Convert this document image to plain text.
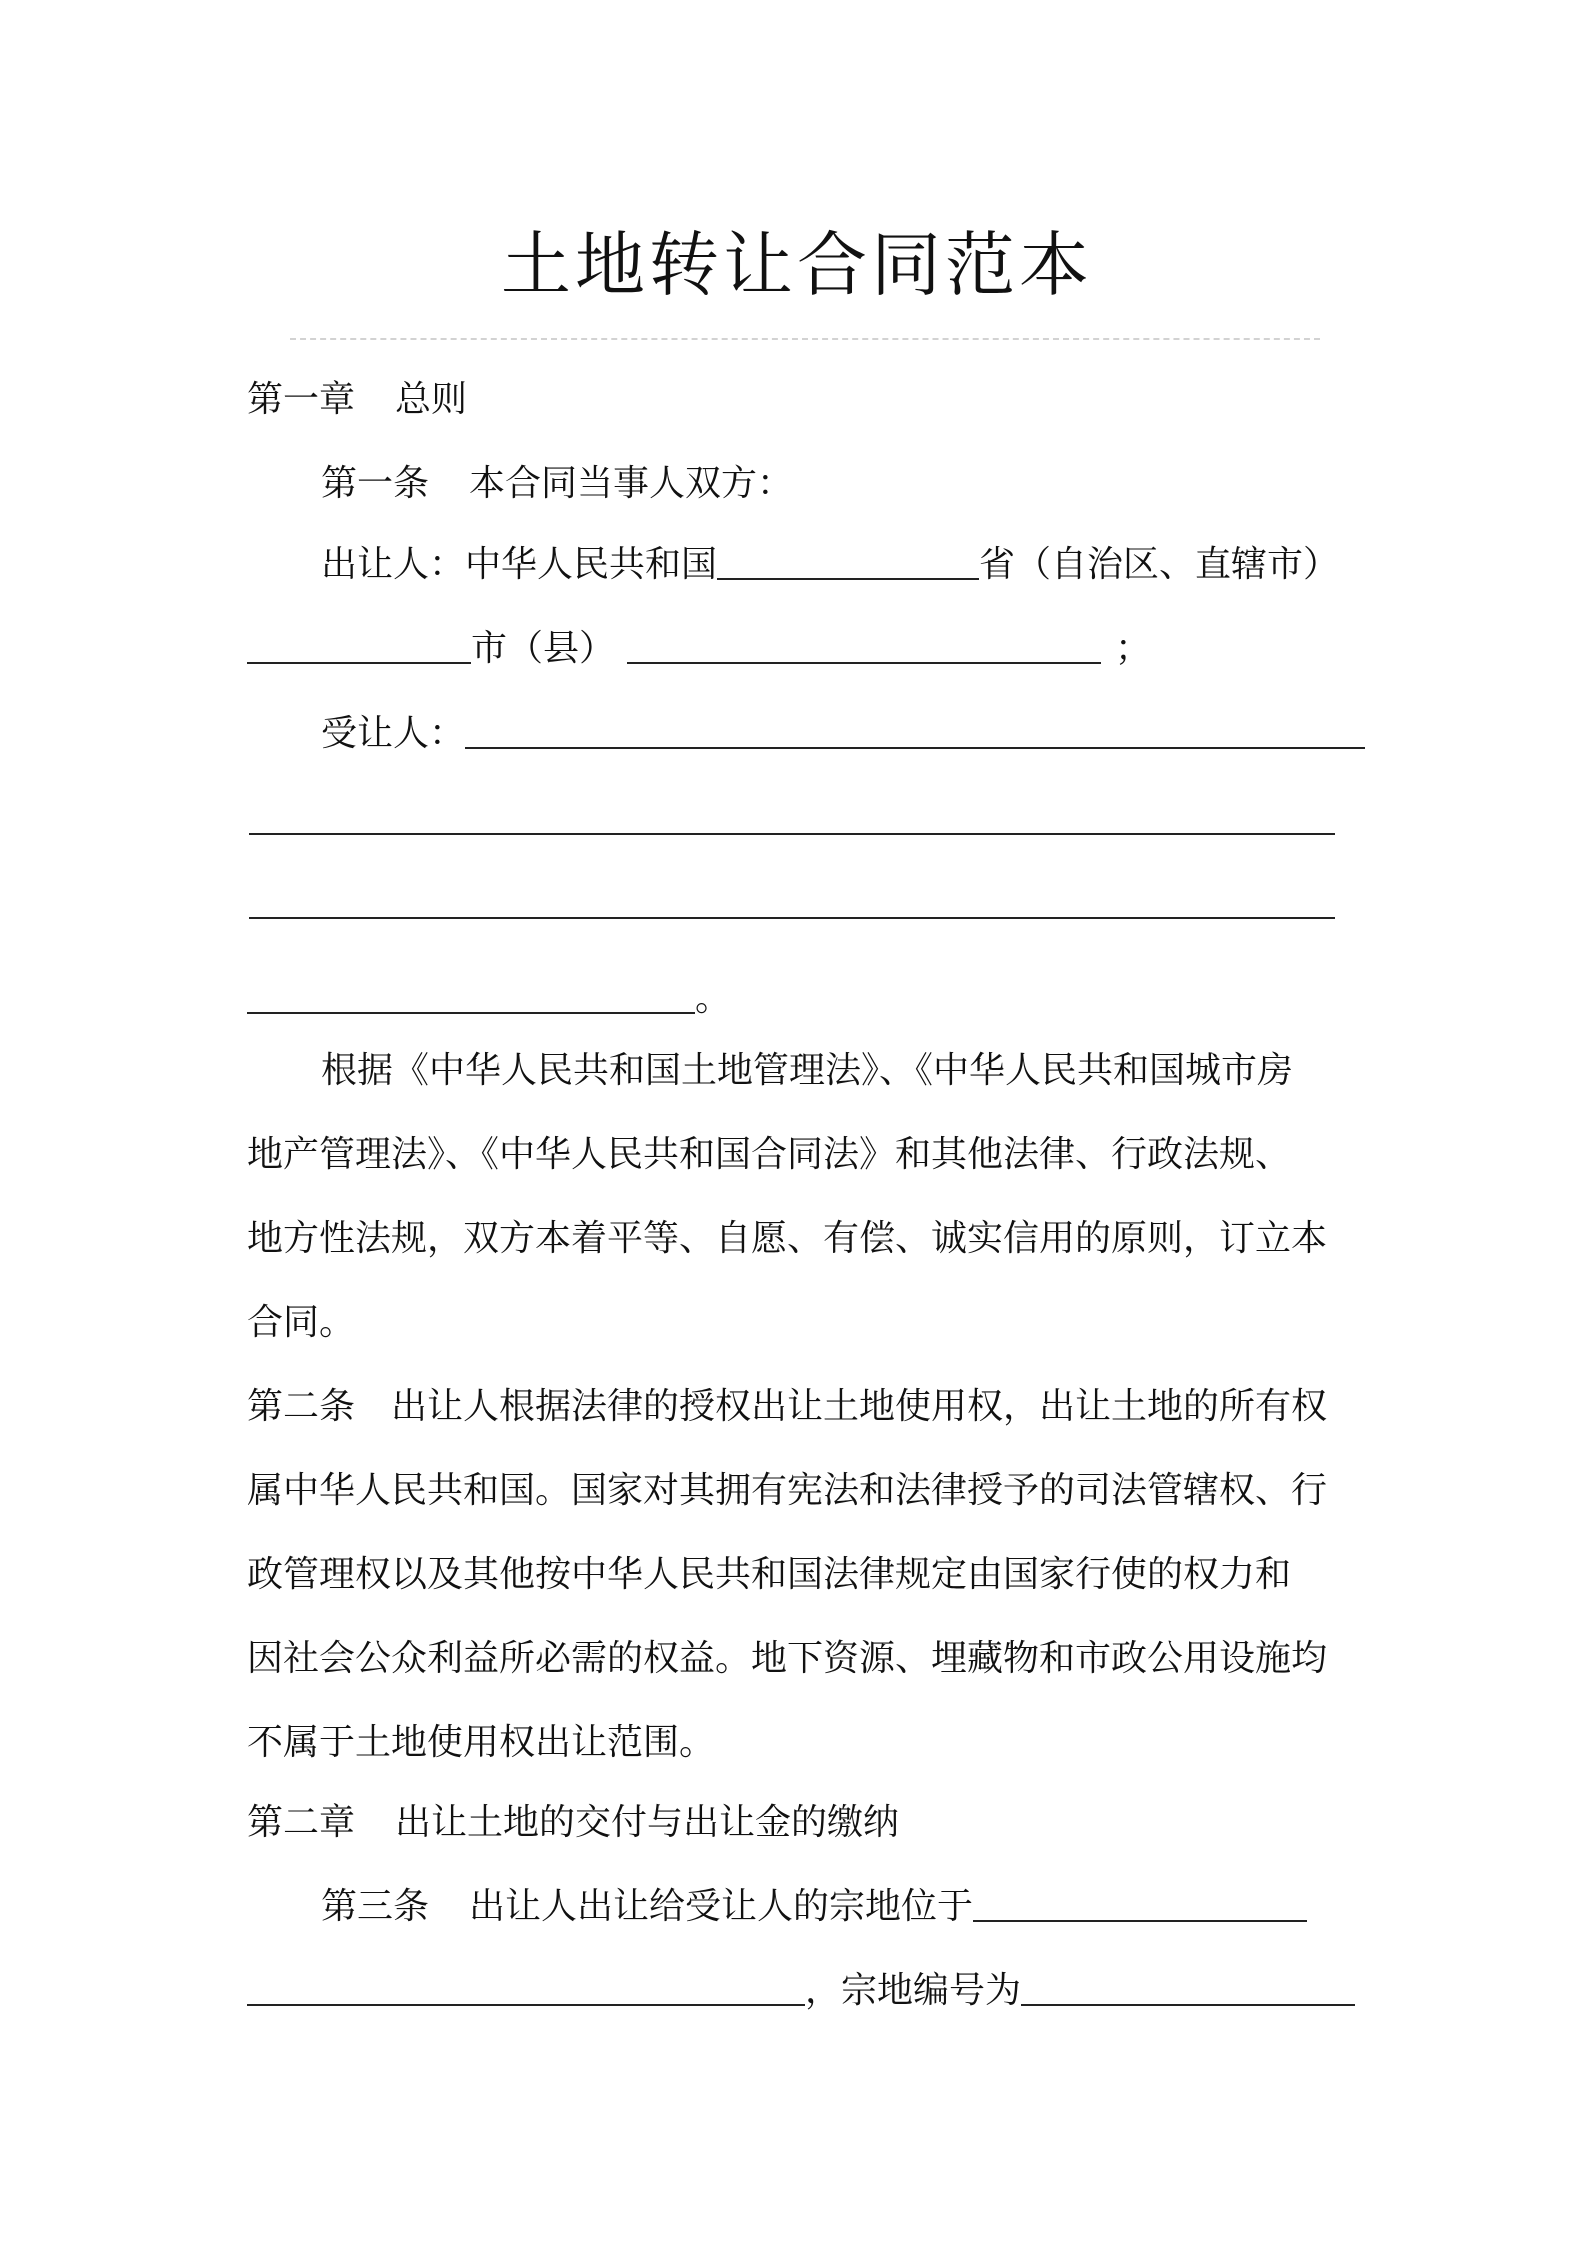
土地转让合同范本
第一章 总则
第一条 本合同当事人双方：
出让人：中华人民共和国	省（自治区、直辖市）
市（县）	；
受让人：
。
根据《中华人民共和国土地管理法》、《中华人民共和国城市房
地产管理法》、《中华人民共和国合同法》和其他法律、行政法规、
地方性法规，双方本着平等、自愿、有偿、诚实信用的原则，订立本
合同。
第二条　出让人根据法律的授权出让土地使用权，出让土地的所有权
属中华人民共和国。国家对其拥有宪法和法律授予的司法管辖权、行
政管理权以及其他按中华人民共和国法律规定由国家行使的权力和
因社会公众利益所必需的权益。地下资源、埋藏物和市政公用设施均
不属于土地使用权出让范围。
第二章 出让土地的交付与出让金的缴纳
第三条 出让人出让给受让人的宗地位于
，宗地编号为
